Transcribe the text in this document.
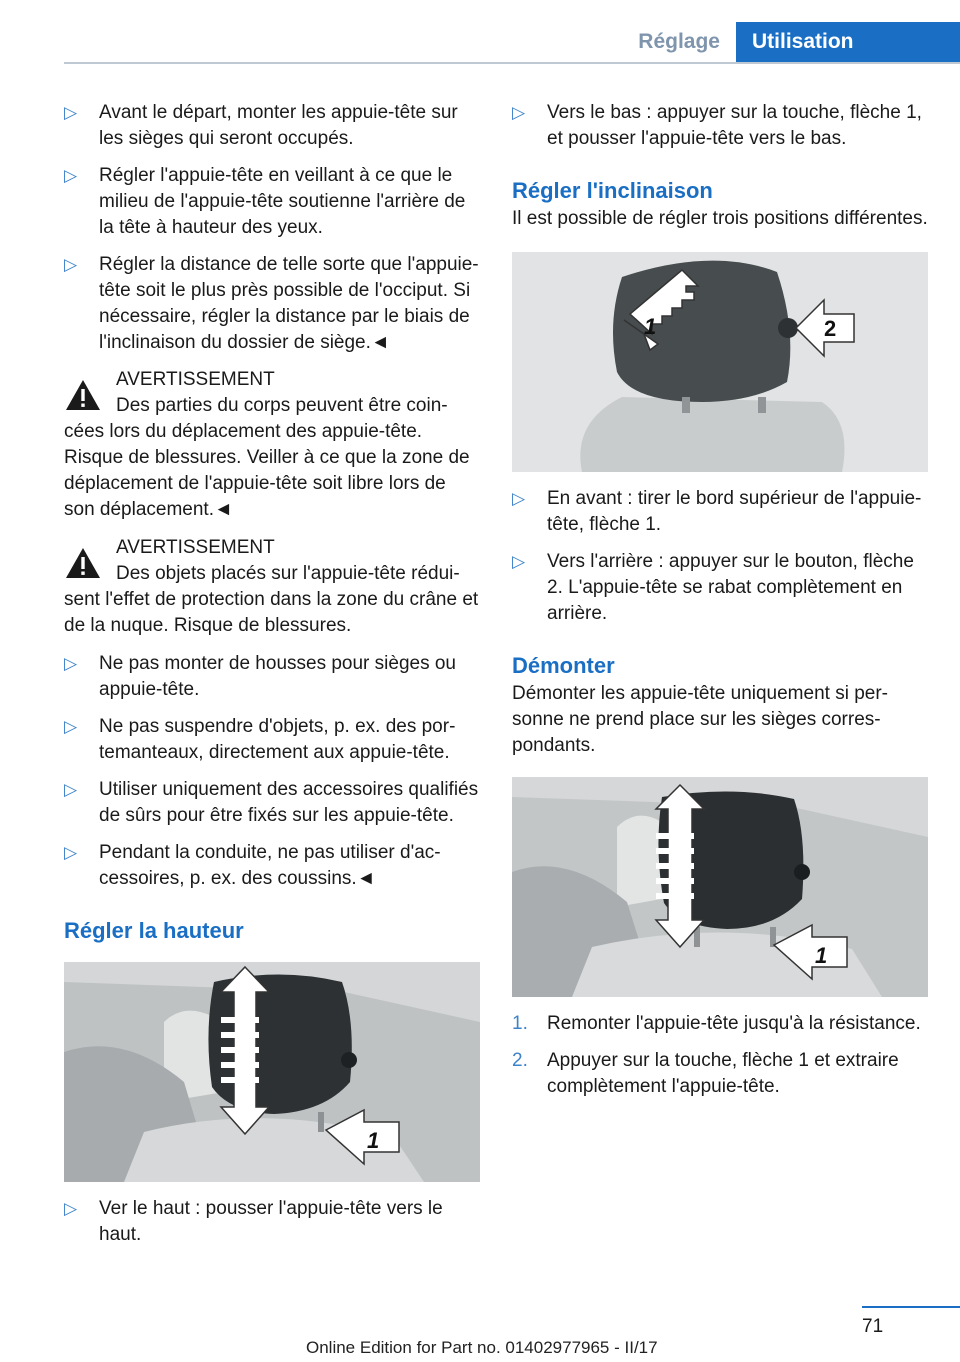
Réglage	Utilisation
▷ Avant le départ, monter les appuie-tête sur les sièges qui seront occupés.
▷ Régler l'appuie-tête en veillant à ce que le milieu de l'appuie-tête soutienne l'arrière de la tête à hauteur des yeux.
▷ Régler la distance de telle sorte que l'appuie-tête soit le plus près possible de l'occiput. Si nécessaire, régler la distance par le biais de l'inclinaison du dossier de siège.◄
AVERTISSEMENT
Des parties du corps peuvent être coincées lors du déplacement des appuie-tête. Risque de blessures. Veiller à ce que la zone de déplacement de l'appuie-tête soit libre lors de son déplacement.◄
AVERTISSEMENT
Des objets placés sur l'appuie-tête réduisent l'effet de protection dans la zone du crâne et de la nuque. Risque de blessures.
▷ Ne pas monter de housses pour sièges ou appuie-tête.
▷ Ne pas suspendre d'objets, p. ex. des portemanteaux, directement aux appuie-tête.
▷ Utiliser uniquement des accessoires qualifiés de sûrs pour être fixés sur les appuie-tête.
▷ Pendant la conduite, ne pas utiliser d'accessoires, p. ex. des coussins.◄
Régler la hauteur
1
▷ Ver le haut : pousser l'appuie-tête vers le haut.
▷ Vers le bas : appuyer sur la touche, flèche 1, et pousser l'appuie-tête vers le bas.
Régler l'inclinaison
Il est possible de régler trois positions différentes.
1	2
▷ En avant : tirer le bord supérieur de l'appuie-tête, flèche 1.
▷ Vers l'arrière : appuyer sur le bouton, flèche 2. L'appuie-tête se rabat complètement en arrière.
Démonter
Démonter les appuie-tête uniquement si personne ne prend place sur les sièges correspondants.
1
1. Remonter l'appuie-tête jusqu'à la résistance.
2. Appuyer sur la touche, flèche 1 et extraire complètement l'appuie-tête.
71
Online Edition for Part no. 01402977965 - II/17
